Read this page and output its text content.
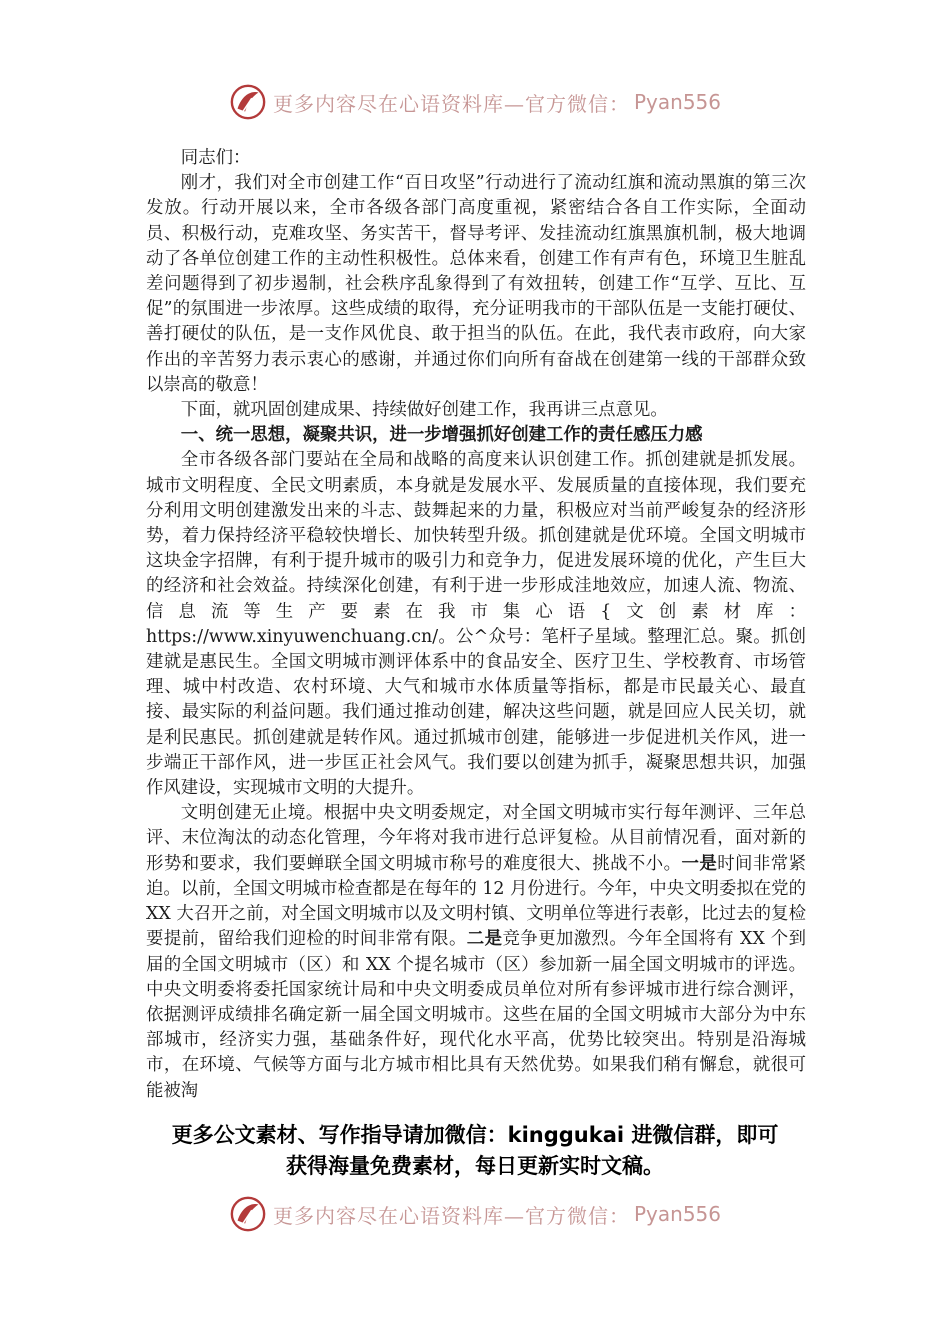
更多内容尽在心语资料库—官方微信： Pyan556

同志们：

刚才，我们对全市创建工作“百日攻坚”行动进行了流动红旗和流动黑旗的第三次发放。行动开展以来，全市各级各部门高度重视，紧密结合各自工作实际，全面动员、积极行动，克难攻坚、务实苦干，督导考评、发挂流动红旗黑旗机制，极大地调动了各单位创建工作的主动性积极性。总体来看，创建工作有声有色，环境卫生脏乱差问题得到了初步遏制，社会秩序乱象得到了有效扭转，创建工作“互学、互比、互促”的氛围进一步浓厚。这些成绩的取得，充分证明我市的干部队伍是一支能打硬仗、善打硬仗的队伍，是一支作风优良、敢于担当的队伍。在此，我代表市政府，向大家作出的辛苦努力表示衷心的感谢，并通过你们向所有奋战在创建第一线的干部群众致以崇高的敬意！

下面，就巩固创建成果、持续做好创建工作，我再讲三点意见。

一、统一思想，凝聚共识，进一步增强抓好创建工作的责任感压力感

全市各级各部门要站在全局和战略的高度来认识创建工作。抓创建就是抓发展。城市文明程度、全民文明素质，本身就是发展水平、发展质量的直接体现，我们要充分利用文明创建激发出来的斗志、鼓舞起来的力量，积极应对当前严峻复杂的经济形势，着力保持经济平稳较快增长、加快转型升级。抓创建就是优环境。全国文明城市这块金字招牌，有利于提升城市的吸引力和竞争力，促进发展环境的优化，产生巨大的经济和社会效益。持续深化创建，有利于进一步形成洼地效应，加速人流、物流、信息流等生产要素在我市集心语{文创素材库：https://www.xinyuwenchuang.cn/。公^众号：笔杆子星域。整理汇总。聚。抓创建就是惠民生。全国文明城市测评体系中的食品安全、医疗卫生、学校教育、市场管理、城中村改造、农村环境、大气和城市水体质量等指标，都是市民最关心、最直接、最实际的利益问题。我们通过推动创建，解决这些问题，就是回应人民关切，就是利民惠民。抓创建就是转作风。通过抓城市创建，能够进一步促进机关作风，进一步端正干部作风，进一步匡正社会风气。我们要以创建为抓手，凝聚思想共识，加强作风建设，实现城市文明的大提升。

文明创建无止境。根据中央文明委规定，对全国文明城市实行每年测评、三年总评、末位淘汰的动态化管理，今年将对我市进行总评复检。从目前情况看，面对新的形势和要求，我们要蝉联全国文明城市称号的难度很大、挑战不小。一是时间非常紧迫。以前，全国文明城市检查都是在每年的 12 月份进行。今年，中央文明委拟在党的 XX 大召开之前，对全国文明城市以及文明村镇、文明单位等进行表彰，比过去的复检要提前，留给我们迎检的时间非常有限。二是竞争更加激烈。今年全国将有 XX 个到届的全国文明城市（区）和 XX 个提名城市（区）参加新一届全国文明城市的评选。中央文明委将委托国家统计局和中央文明委成员单位对所有参评城市进行综合测评，依据测评成绩排名确定新一届全国文明城市。这些在届的全国文明城市大部分为中东部城市，经济实力强，基础条件好，现代化水平高，优势比较突出。特别是沿海城市，在环境、气候等方面与北方城市相比具有天然优势。如果我们稍有懈怠，就很可能被淘

更多公文素材、写作指导请加微信：kinggukai 进微信群，即可
获得海量免费素材，每日更新实时文稿。
更多内容尽在心语资料库—官方微信： Pyan556
